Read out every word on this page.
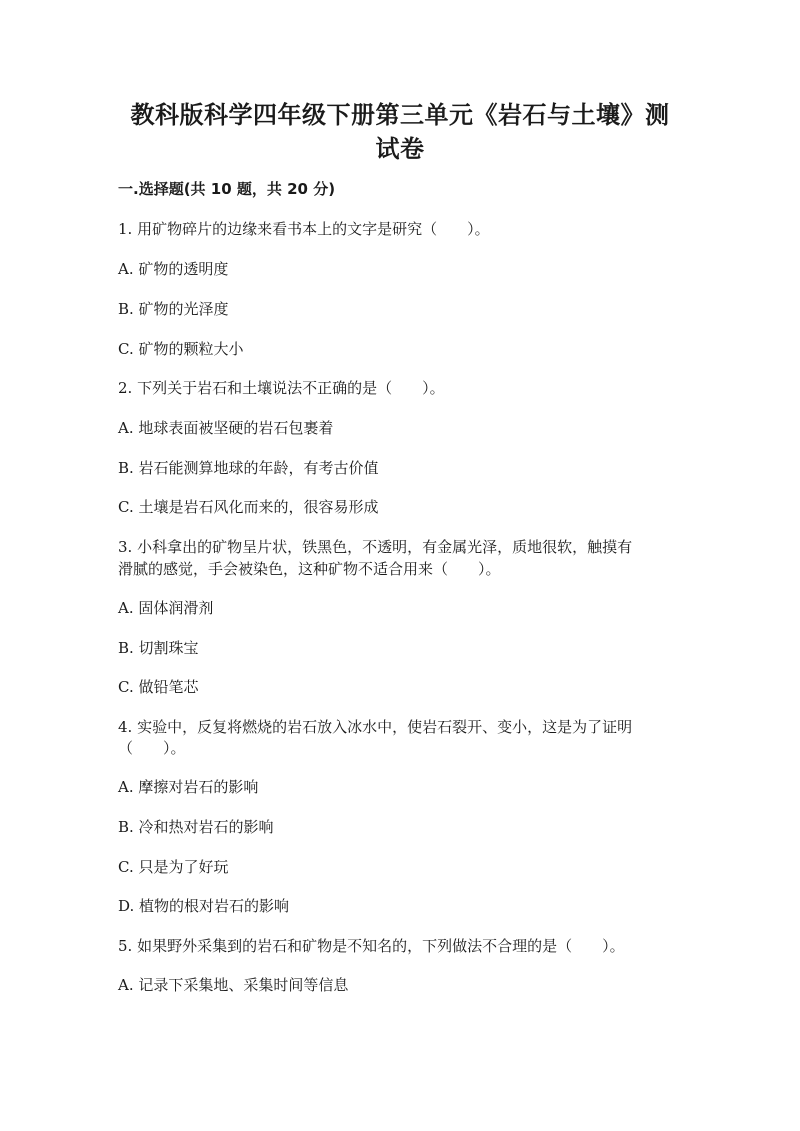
教科版科学四年级下册第三单元《岩石与土壤》测
试卷
一.选择题(共 10 题，共 20 分)
1. 用矿物碎片的边缘来看书本上的文字是研究（　　）。
A. 矿物的透明度
B. 矿物的光泽度
C. 矿物的颗粒大小
2. 下列关于岩石和土壤说法不正确的是（　　）。
A. 地球表面被坚硬的岩石包裹着
B. 岩石能测算地球的年龄，有考古价值
C. 土壤是岩石风化而来的，很容易形成
3. 小科拿出的矿物呈片状，铁黑色，不透明，有金属光泽，质地很软，触摸有
滑腻的感觉，手会被染色，这种矿物不适合用来（　　）。
A. 固体润滑剂
B. 切割珠宝
C. 做铅笔芯
4. 实验中，反复将燃烧的岩石放入冰水中，使岩石裂开、变小，这是为了证明
（　　）。
A. 摩擦对岩石的影响
B. 冷和热对岩石的影响
C. 只是为了好玩
D. 植物的根对岩石的影响
5. 如果野外采集到的岩石和矿物是不知名的，下列做法不合理的是（　　）。
A. 记录下采集地、采集时间等信息
